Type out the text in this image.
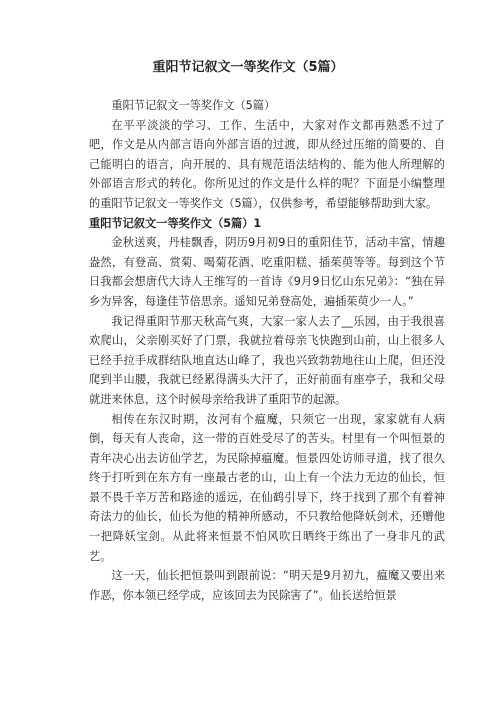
重阳节记叙文一等奖作文（5篇）

重阳节记叙文一等奖作文（5篇）

在平平淡淡的学习、工作、生活中，大家对作文都再熟悉不过了吧，作文是从内部言语向外部言语的过渡，即从经过压缩的简要的、自己能明白的语言，向开展的、具有规范语法结构的、能为他人所理解的外部语言形式的转化。你所见过的作文是什么样的呢？下面是小编整理的重阳节记叙文一等奖作文（5篇），仅供参考，希望能够帮助到大家。

重阳节记叙文一等奖作文（5篇）1

金秋送爽，丹桂飘香，阴历9月初9日的重阳佳节，活动丰富，情趣盎然，有登高、赏菊、喝菊花酒、吃重阳糕、插茱萸等等。每到这个节日我都会想唐代大诗人王维写的一首诗《9月9日忆山东兄弟》：“独在异乡为异客，每逢佳节倍思亲。遥知兄弟登高处，遍插茱萸少一人。”

我记得重阳节那天秋高气爽，大家一家人去了__乐园，由于我很喜欢爬山，父亲刚买好了门票，我就拉着母亲飞快跑到山前，山上很多人已经手拉手成群结队地直达山峰了，我也兴致勃勃地往山上爬，但还没爬到半山腰，我就已经累得满头大汗了，正好前面有座亭子，我和父母就进来休息，这个时候母亲给我讲了重阳节的起源。

相传在东汉时期，汝河有个瘟魔，只须它一出现，家家就有人病倒，每天有人丧命，这一带的百姓受尽了的苦头。村里有一个叫恒景的青年决心出去访仙学艺，为民除掉瘟魔。恒景四处访师寻道，找了很久终于打听到在东方有一座最古老的山，山上有一个法力无边的仙长，恒景不畏千辛万苦和路途的遥远，在仙鹤引导下，终于找到了那个有着神奇法力的仙长，仙长为他的精神所感动，不只教给他降妖剑术，还赠他一把降妖宝剑。从此将来恒景不怕风吹日晒终于练出了一身非凡的武艺。

这一天，仙长把恒景叫到跟前说：“明天是9月初九，瘟魔又要出来作恶，你本领已经学成，应该回去为民除害了”。仙长送给恒景
